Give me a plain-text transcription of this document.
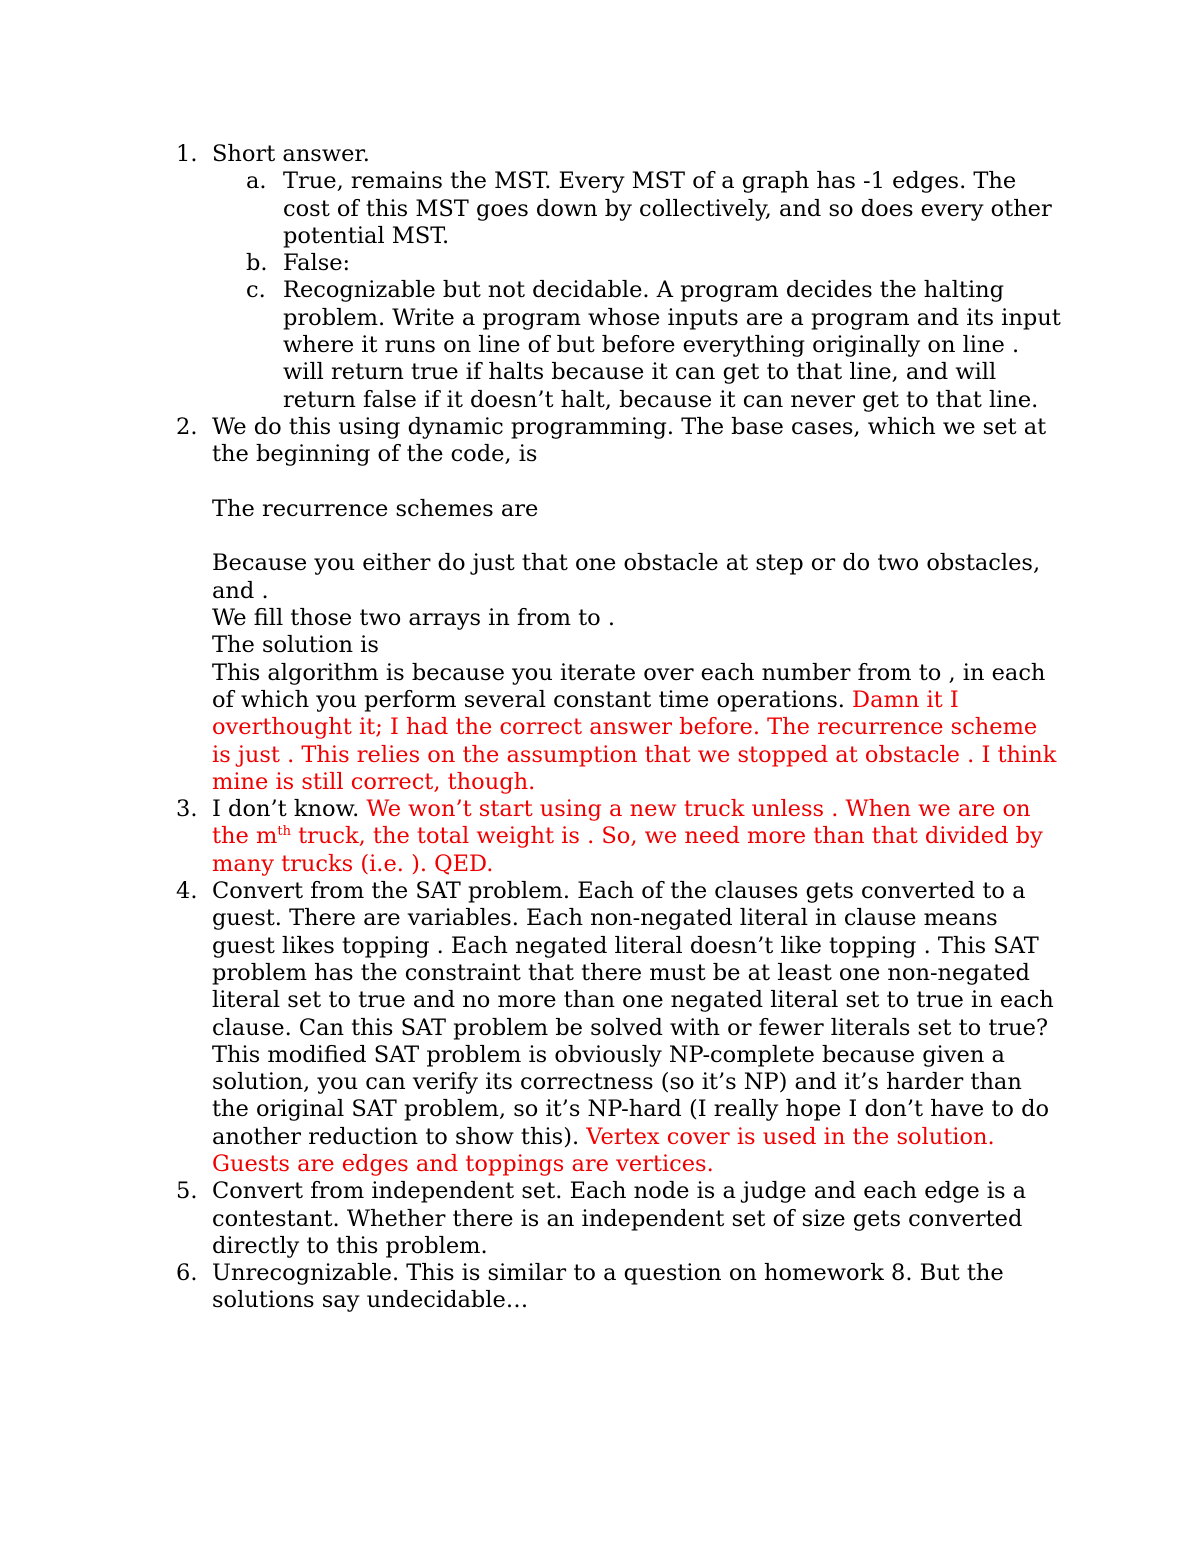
1. Short answer.
a. True, remains the MST. Every MST of a graph has -1 edges. The cost of this MST goes down by collectively, and so does every other potential MST.
b. False:
c. Recognizable but not decidable. A program decides the halting problem. Write a program whose inputs are a program and its input where it runs on line of but before everything originally on line . will return true if halts because it can get to that line, and will return false if it doesn’t halt, because it can never get to that line.
2. We do this using dynamic programming. The base cases, which we set at the beginning of the code, is
The recurrence schemes are
Because you either do just that one obstacle at step or do two obstacles, and .
We fill those two arrays in from to .
The solution is
This algorithm is because you iterate over each number from to , in each of which you perform several constant time operations. Damn it I overthought it; I had the correct answer before. The recurrence scheme is just . This relies on the assumption that we stopped at obstacle . I think mine is still correct, though.
3. I don’t know. We won’t start using a new truck unless . When we are on the $m^{th}$ truck, the total weight is . So, we need more than that divided by many trucks (i.e. ). QED.
4. Convert from the SAT problem. Each of the clauses gets converted to a guest. There are variables. Each non-negated literal in clause means guest likes topping . Each negated literal doesn’t like topping . This SAT problem has the constraint that there must be at least one non-negated literal set to true and no more than one negated literal set to true in each clause. Can this SAT problem be solved with or fewer literals set to true? This modified SAT problem is obviously NP-complete because given a solution, you can verify its correctness (so it’s NP) and it’s harder than the original SAT problem, so it’s NP-hard (I really hope I don’t have to do another reduction to show this). Vertex cover is used in the solution. Guests are edges and toppings are vertices.
5. Convert from independent set. Each node is a judge and each edge is a contestant. Whether there is an independent set of size gets converted directly to this problem.
6. Unrecognizable. This is similar to a question on homework 8. But the solutions say undecidable…
